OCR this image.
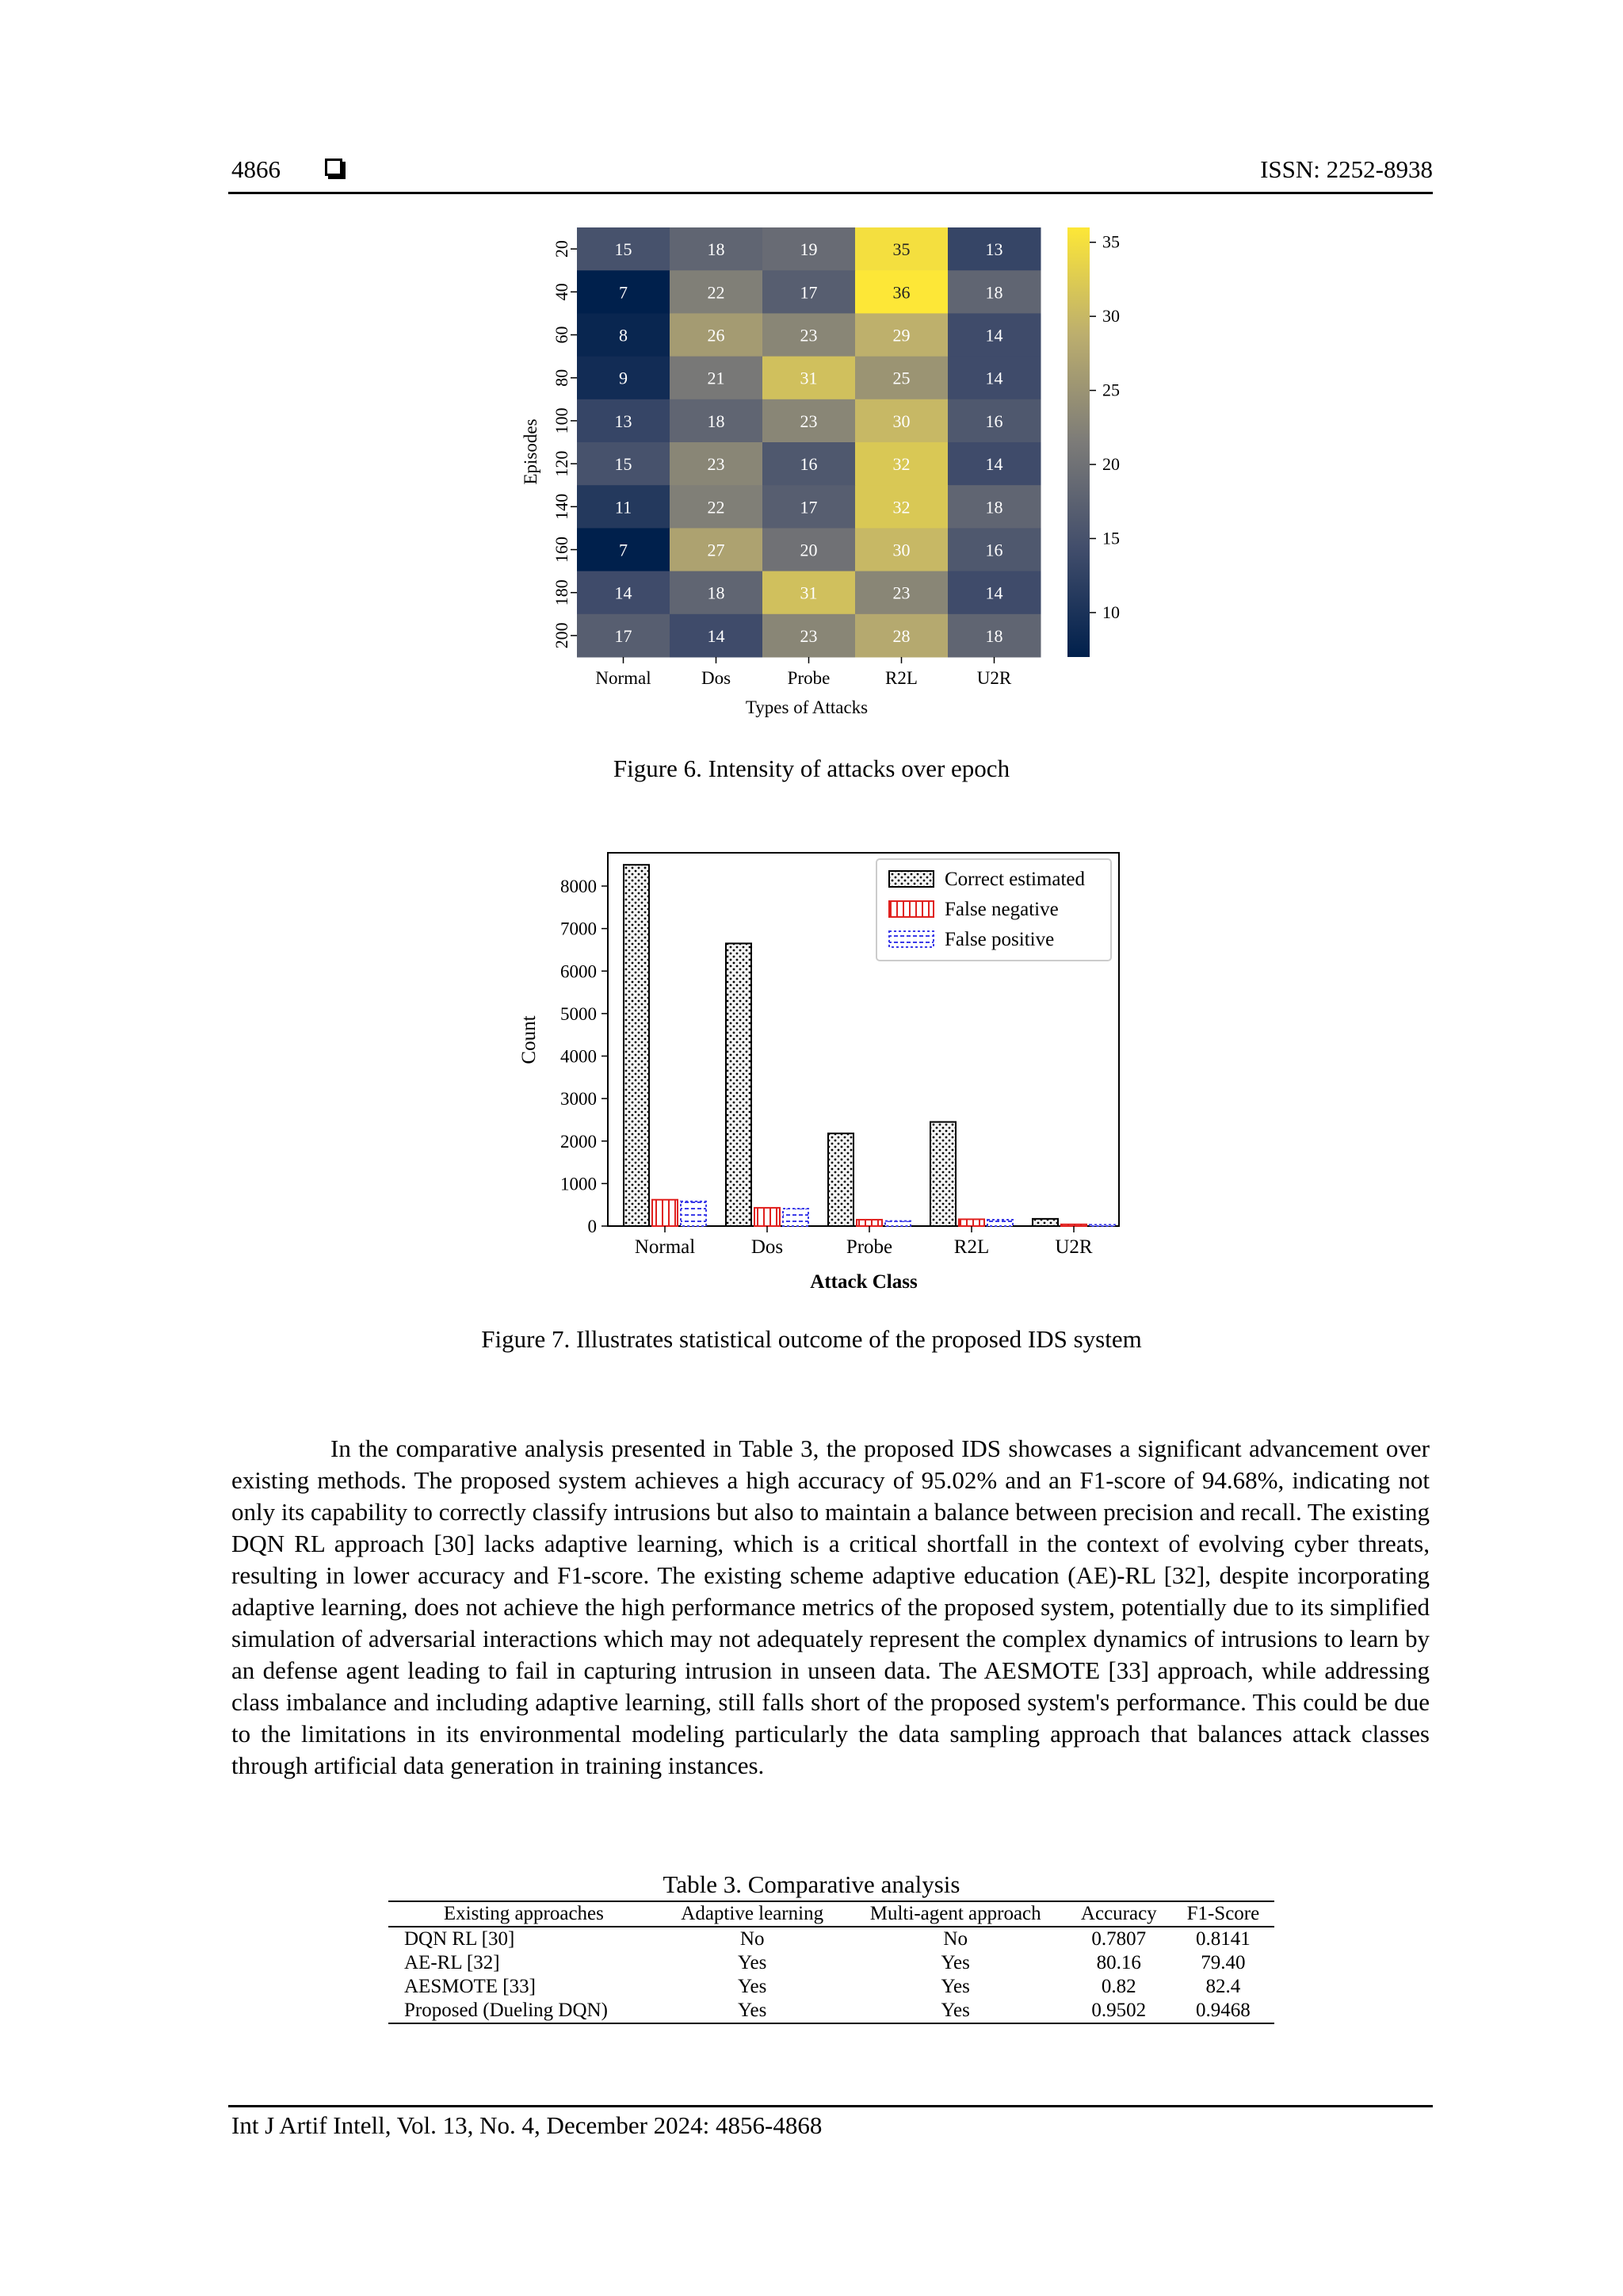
4866	ISSN: 2252-8938
15	18	19	35	13
7	22	17	36	18
8	26	23	29	14
9	21	31	25	14
13	18	23	30	16
15	23	16	32	14
11	22	17	32	18
7	27	20	30	16
14	18	31	23	14
17	14	23	28	18
20
40
60
80
100
120
140
160
180
200
Normal	Dos	Probe	R2L	U2R
Episodes
Types of Attacks
10
15
20
25
30
35
Figure 6. Intensity of attacks over epoch
0
1000
2000
3000
4000
5000
6000
7000
8000
Normal	Dos	Probe	R2L	U2R
Count
Attack Class
Correct estimated
False negative
False positive
Figure 7. Illustrates statistical outcome of the proposed IDS system

In the comparative analysis presented in Table 3, the proposed IDS showcases a significant advancement over existing methods. The proposed system achieves a high accuracy of 95.02% and an F1-score of 94.68%, indicating not only its capability to correctly classify intrusions but also to maintain a balance between precision and recall. The existing DQN RL approach [30] lacks adaptive learning, which is a critical shortfall in the context of evolving cyber threats, resulting in lower accuracy and F1-score. The existing scheme adaptive education (AE)-RL [32], despite incorporating adaptive learning, does not achieve the high performance metrics of the proposed system, potentially due to its simplified simulation of adversarial interactions which may not adequately represent the complex dynamics of intrusions to learn by an defense agent leading to fail in capturing intrusion in unseen data. The AESMOTE [33] approach, while addressing class imbalance and including adaptive learning, still falls short of the proposed system's performance. This could be due to the limitations in its environmental modeling particularly the data sampling approach that balances attack classes through artificial data generation in training instances.

Table 3. Comparative analysis
Existing approaches	Adaptive learning	Multi-agent approach	Accuracy	F1-Score
DQN RL [30]	No	No	0.7807	0.8141
AE-RL [32]	Yes	Yes	80.16	79.40
AESMOTE [33]	Yes	Yes	0.82	82.4
Proposed (Dueling DQN)	Yes	Yes	0.9502	0.9468
Int J Artif Intell, Vol. 13, No. 4, December 2024: 4856-4868
